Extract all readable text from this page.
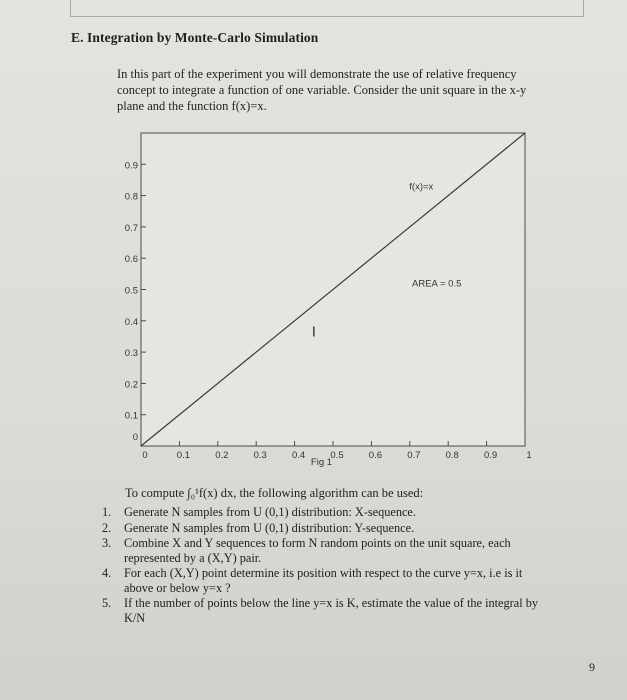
E. Integration by Monte-Carlo Simulation
In this part of the experiment you will demonstrate the use of relative frequency concept to integrate a function of one variable. Consider the unit square in the x-y plane and the function f(x)=x.
0.1
0.2
0.3
0.4
0.5
0.6
0.7
0.8
0.9
0	0.1	0.2	0.3	0.4	0.5	0.6	0.7	0.8	0.9	1
0
f(x)=x
AREA = 0.5
I
Fig 1
To compute ∫₀¹f(x) dx, the following algorithm can be used:
1.	Generate N samples from U (0,1) distribution: X-sequence.
2.	Generate N samples from U (0,1) distribution: Y-sequence.
3.	Combine X and Y sequences to form N random points on the unit square, each represented by a (X,Y) pair.
4.	For each (X,Y) point determine its position with respect to the curve y=x, i.e is it above or below y=x ?
5.	If the number of points below the line y=x is K, estimate the value of the integral by K/N
9
